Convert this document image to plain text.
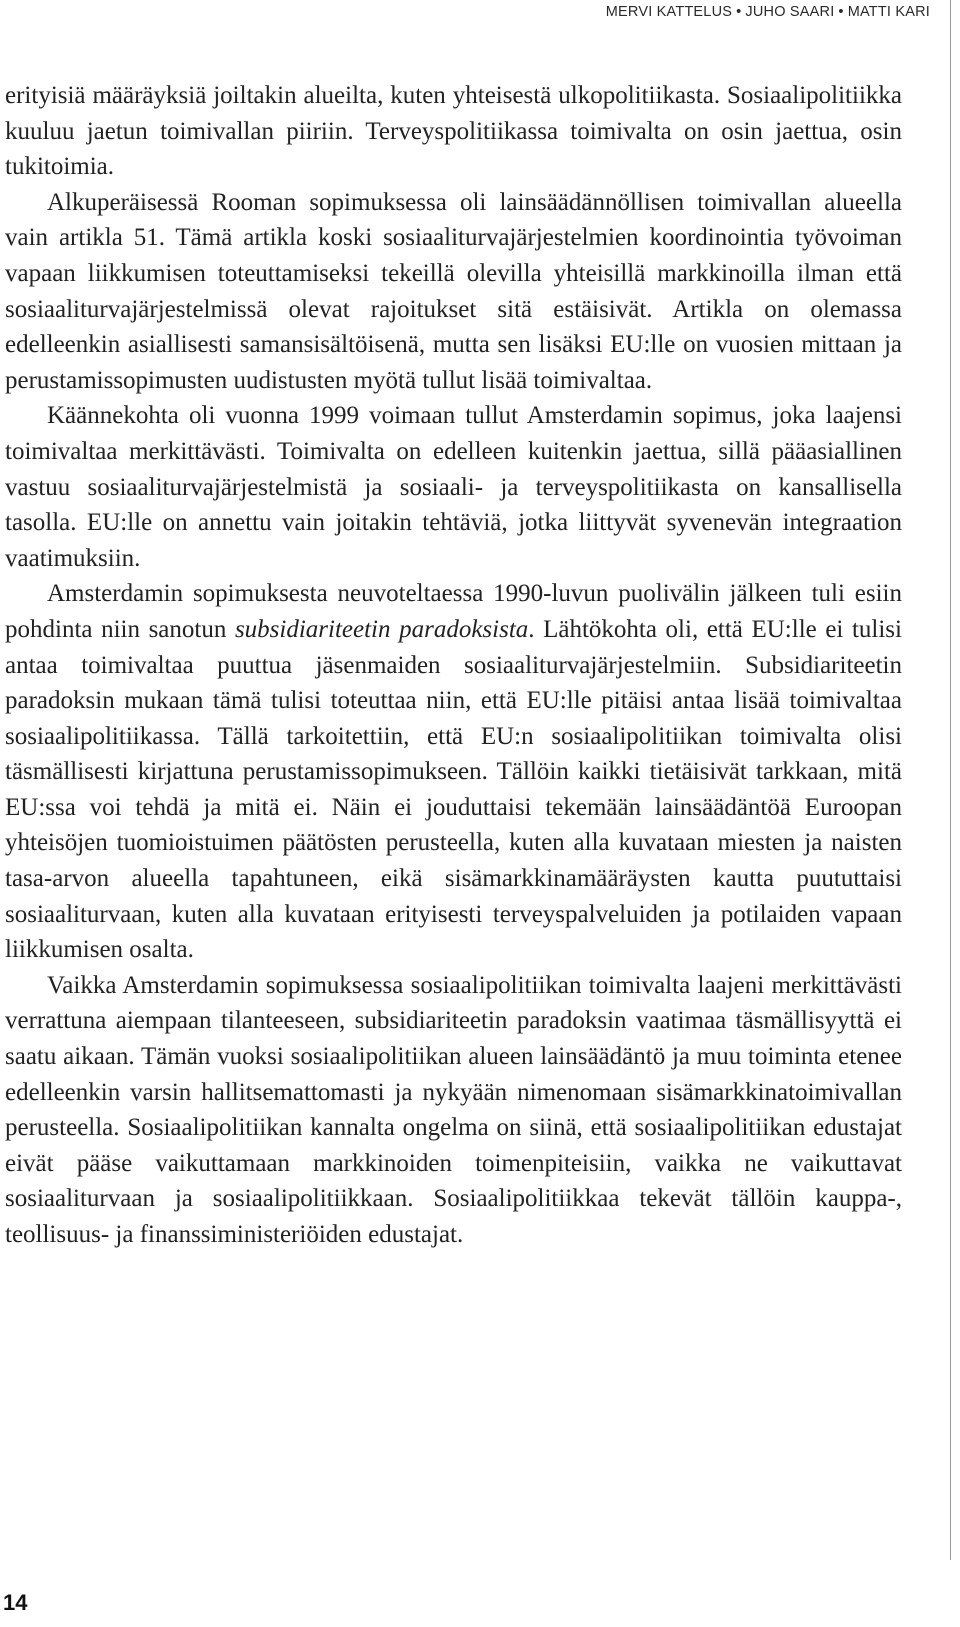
MERVI KATTELUS • JUHO SAARI • MATTI KARI

erityisiä määräyksiä joiltakin alueilta, kuten yhteisestä ulkopolitiikasta. Sosiaalipolitiikka kuuluu jaetun toimivallan piiriin. Terveyspolitiikassa toimivalta on osin jaettua, osin tukitoimia.

Alkuperäisessä Rooman sopimuksessa oli lainsäädännöllisen toimivallan alueella vain artikla 51. Tämä artikla koski sosiaaliturvajärjestelmien koordinointia työvoiman vapaan liikkumisen toteuttamiseksi tekeillä olevilla yhteisillä markkinoilla ilman että sosiaaliturvajärjestelmissä olevat rajoitukset sitä estäisivät. Artikla on olemassa edelleenkin asiallisesti samansisältöisenä, mutta sen lisäksi EU:lle on vuosien mittaan ja perustamissopimusten uudistusten myötä tullut lisää toimivaltaa.

Käännekohta oli vuonna 1999 voimaan tullut Amsterdamin sopimus, joka laajensi toimivaltaa merkittävästi. Toimivalta on edelleen kuitenkin jaettua, sillä pääasiallinen vastuu sosiaaliturvajärjestelmistä ja sosiaali- ja terveyspolitiikasta on kansallisella tasolla. EU:lle on annettu vain joitakin tehtäviä, jotka liittyvät syvenevän integraation vaatimuksiin.

Amsterdamin sopimuksesta neuvoteltaessa 1990-luvun puolivälin jälkeen tuli esiin pohdinta niin sanotun subsidiariteetin paradoksista. Lähtökohta oli, että EU:lle ei tulisi antaa toimivaltaa puuttua jäsenmaiden sosiaaliturvajärjestelmiin. Subsidiariteetin paradoksin mukaan tämä tulisi toteuttaa niin, että EU:lle pitäisi antaa lisää toimivaltaa sosiaalipolitiikassa. Tällä tarkoitettiin, että EU:n sosiaalipolitiikan toimivalta olisi täsmällisesti kirjattuna perustamissopimukseen. Tällöin kaikki tietäisivät tarkkaan, mitä EU:ssa voi tehdä ja mitä ei. Näin ei jouduttaisi tekemään lainsäädäntöä Euroopan yhteisöjen tuomioistuimen päätösten perusteella, kuten alla kuvataan miesten ja naisten tasa-arvon alueella tapahtuneen, eikä sisämarkkinamääräysten kautta puututtaisi sosiaaliturvaan, kuten alla kuvataan erityisesti terveyspalveluiden ja potilaiden vapaan liikkumisen osalta.

Vaikka Amsterdamin sopimuksessa sosiaalipolitiikan toimivalta laajeni merkittävästi verrattuna aiempaan tilanteeseen, subsidiariteetin paradoksin vaatimaa täsmällisyyttä ei saatu aikaan. Tämän vuoksi sosiaalipolitiikan alueen lainsäädäntö ja muu toiminta etenee edelleenkin varsin hallitsemattomasti ja nykyään nimenomaan sisämarkkinatoimivallan perusteella. Sosiaalipolitiikan kannalta ongelma on siinä, että sosiaalipolitiikan edustajat eivät pääse vaikuttamaan markkinoiden toimenpiteisiin, vaikka ne vaikuttavat sosiaaliturvaan ja sosiaalipolitiikkaan. Sosiaalipolitiikkaa tekevät tällöin kauppa-, teollisuus- ja finanssiministeriöiden edustajat.

14
